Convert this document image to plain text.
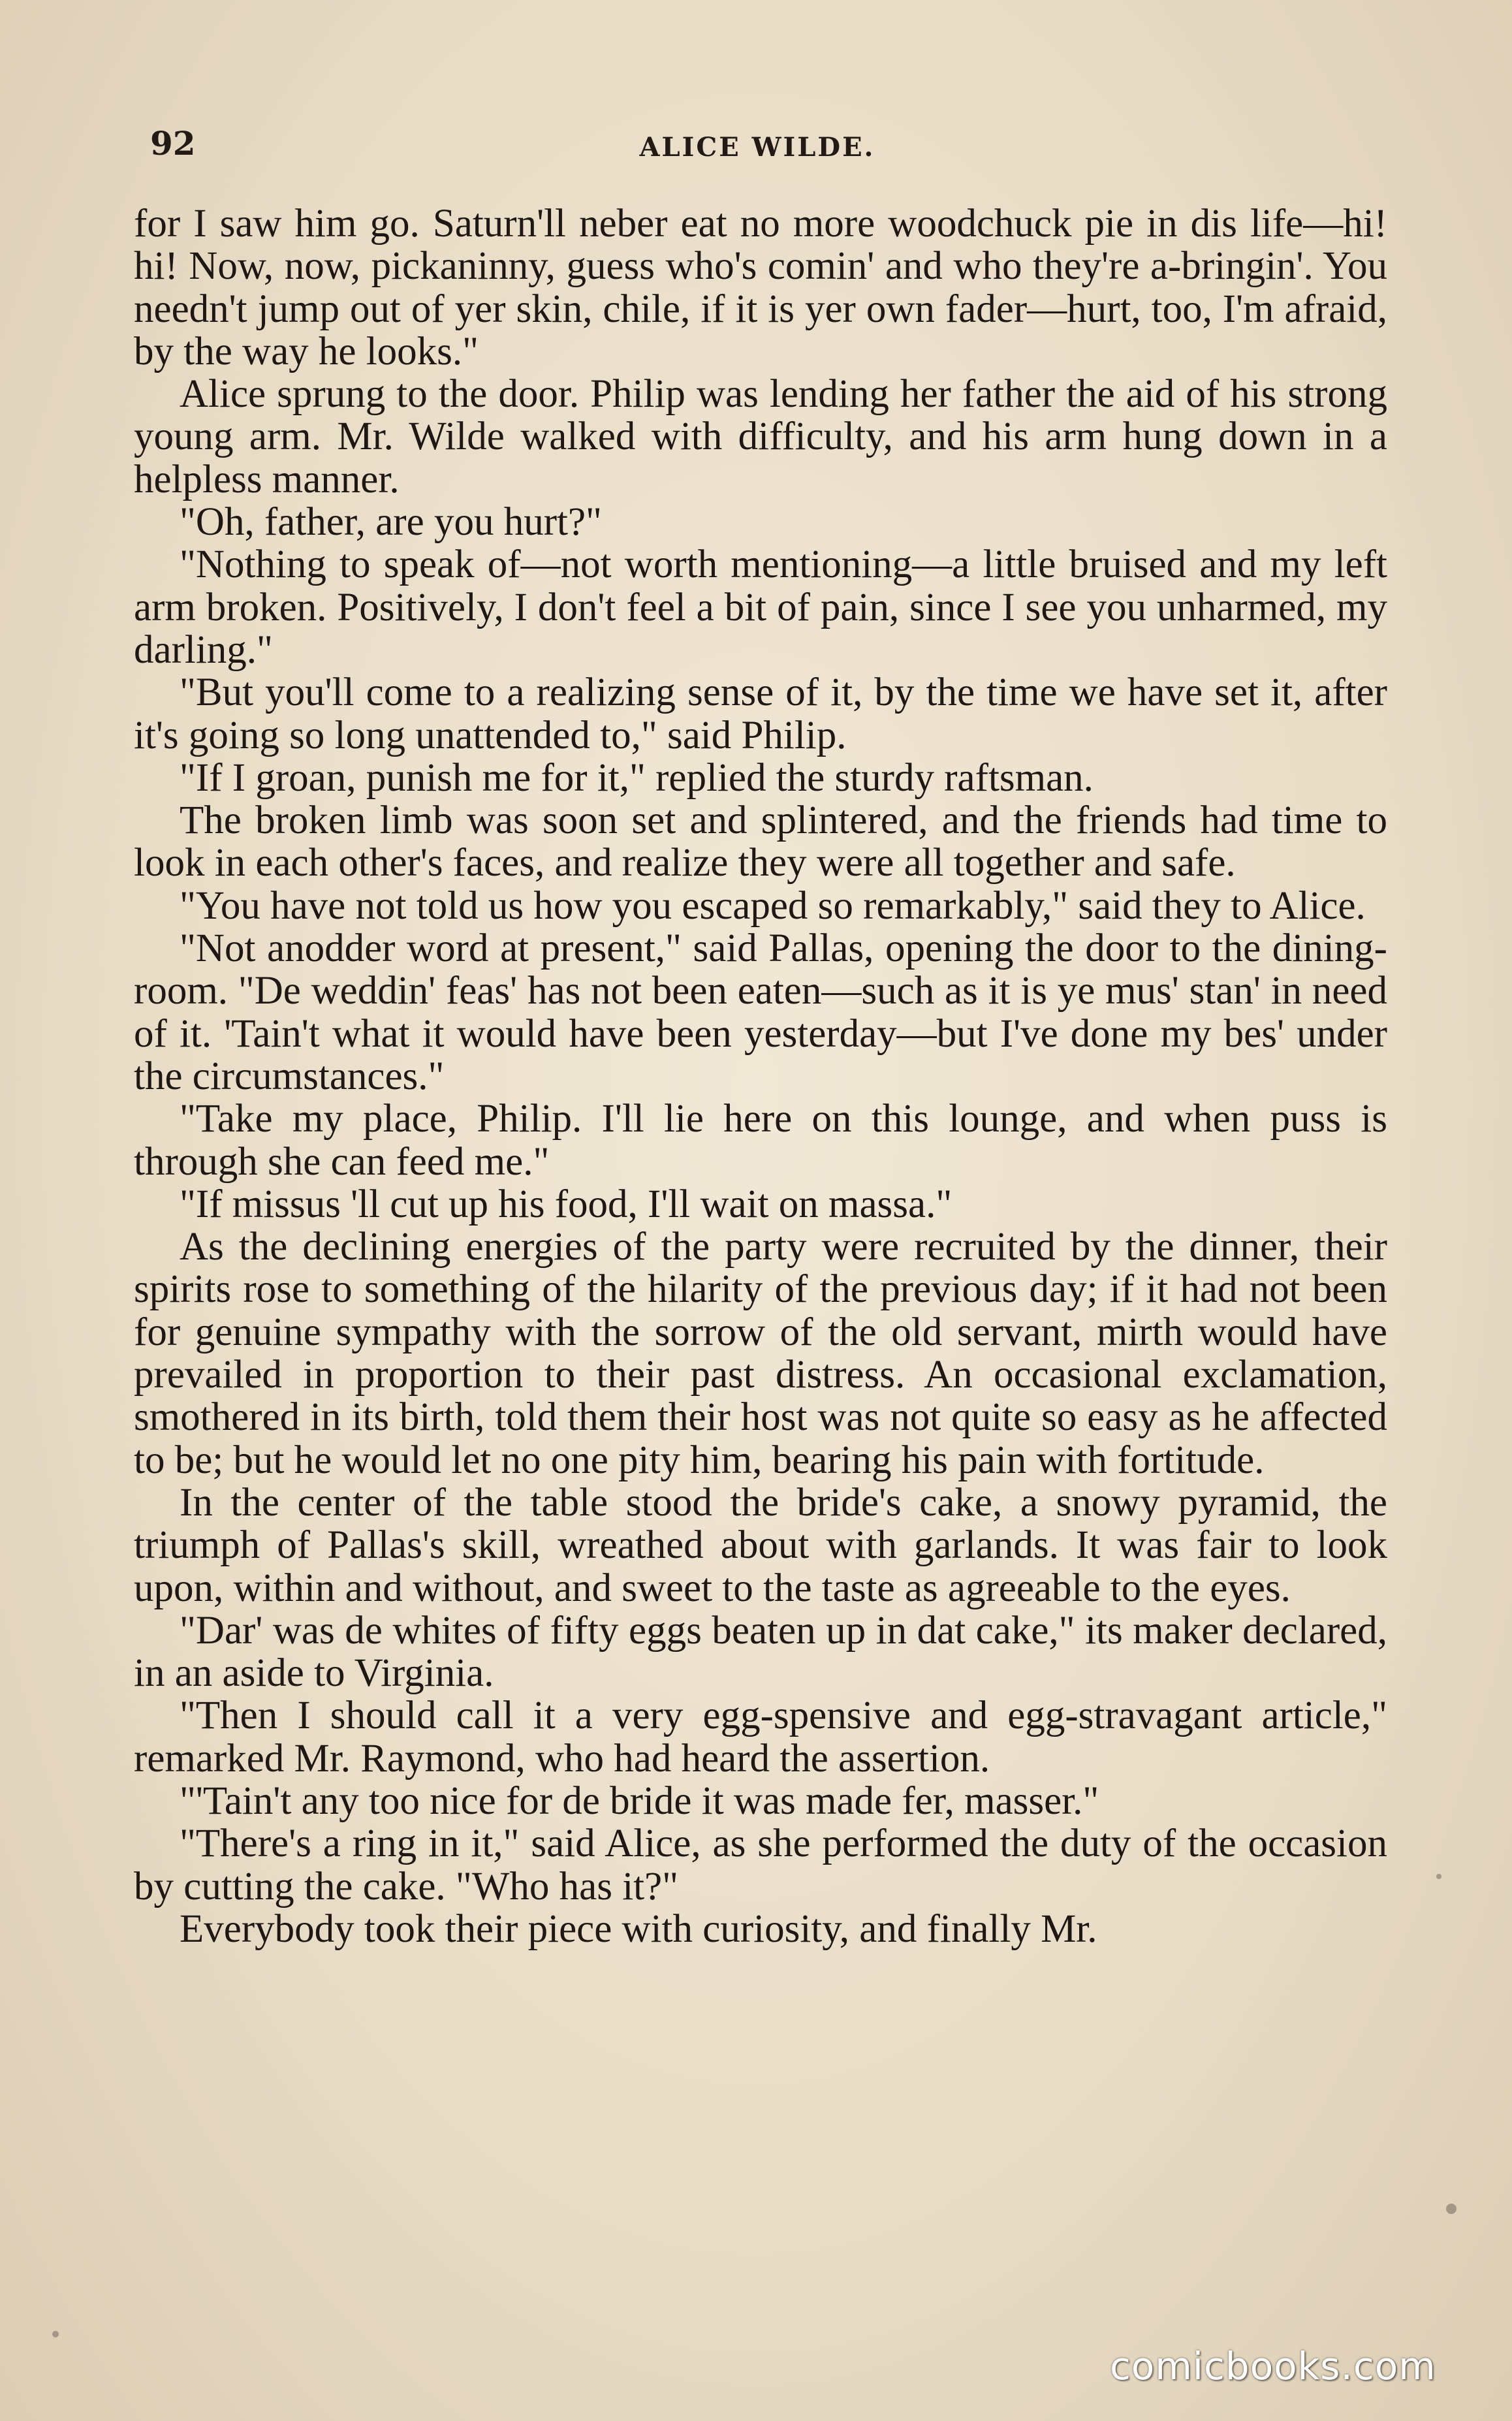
92	ALICE WILDE.

for I saw him go. Saturn'll neber eat no more woodchuck pie in dis life—hi! hi! Now, now, pickaninny, guess who's comin' and who they're a-bringin'. You needn't jump out of yer skin, chile, if it is yer own fader—hurt, too, I'm afraid, by the way he looks."

Alice sprung to the door. Philip was lending her father the aid of his strong young arm. Mr. Wilde walked with difficulty, and his arm hung down in a helpless manner.

"Oh, father, are you hurt?"

"Nothing to speak of—not worth mentioning—a little bruised and my left arm broken. Positively, I don't feel a bit of pain, since I see you unharmed, my darling."

"But you'll come to a realizing sense of it, by the time we have set it, after it's going so long unattended to," said Philip.

"If I groan, punish me for it," replied the sturdy raftsman.

The broken limb was soon set and splintered, and the friends had time to look in each other's faces, and realize they were all together and safe.

"You have not told us how you escaped so remarkably," said they to Alice.

"Not anodder word at present," said Pallas, opening the door to the dining-room. "De weddin' feas' has not been eaten—such as it is ye mus' stan' in need of it. 'Tain't what it would have been yesterday—but I've done my bes' under the circumstances."

"Take my place, Philip. I'll lie here on this lounge, and when puss is through she can feed me."

"If missus 'll cut up his food, I'll wait on massa."

As the declining energies of the party were recruited by the dinner, their spirits rose to something of the hilarity of the previous day; if it had not been for genuine sympathy with the sorrow of the old servant, mirth would have prevailed in proportion to their past distress. An occasional exclamation, smothered in its birth, told them their host was not quite so easy as he affected to be; but he would let no one pity him, bearing his pain with fortitude.

In the center of the table stood the bride's cake, a snowy pyramid, the triumph of Pallas's skill, wreathed about with garlands. It was fair to look upon, within and without, and sweet to the taste as agreeable to the eyes.

"Dar' was de whites of fifty eggs beaten up in dat cake," its maker declared, in an aside to Virginia.

"Then I should call it a very egg-spensive and egg-stravagant article," remarked Mr. Raymond, who had heard the assertion.

"'Tain't any too nice for de bride it was made fer, masser."

"There's a ring in it," said Alice, as she performed the duty of the occasion by cutting the cake. "Who has it?"

Everybody took their piece with curiosity, and finally Mr.

comicbooks.com
